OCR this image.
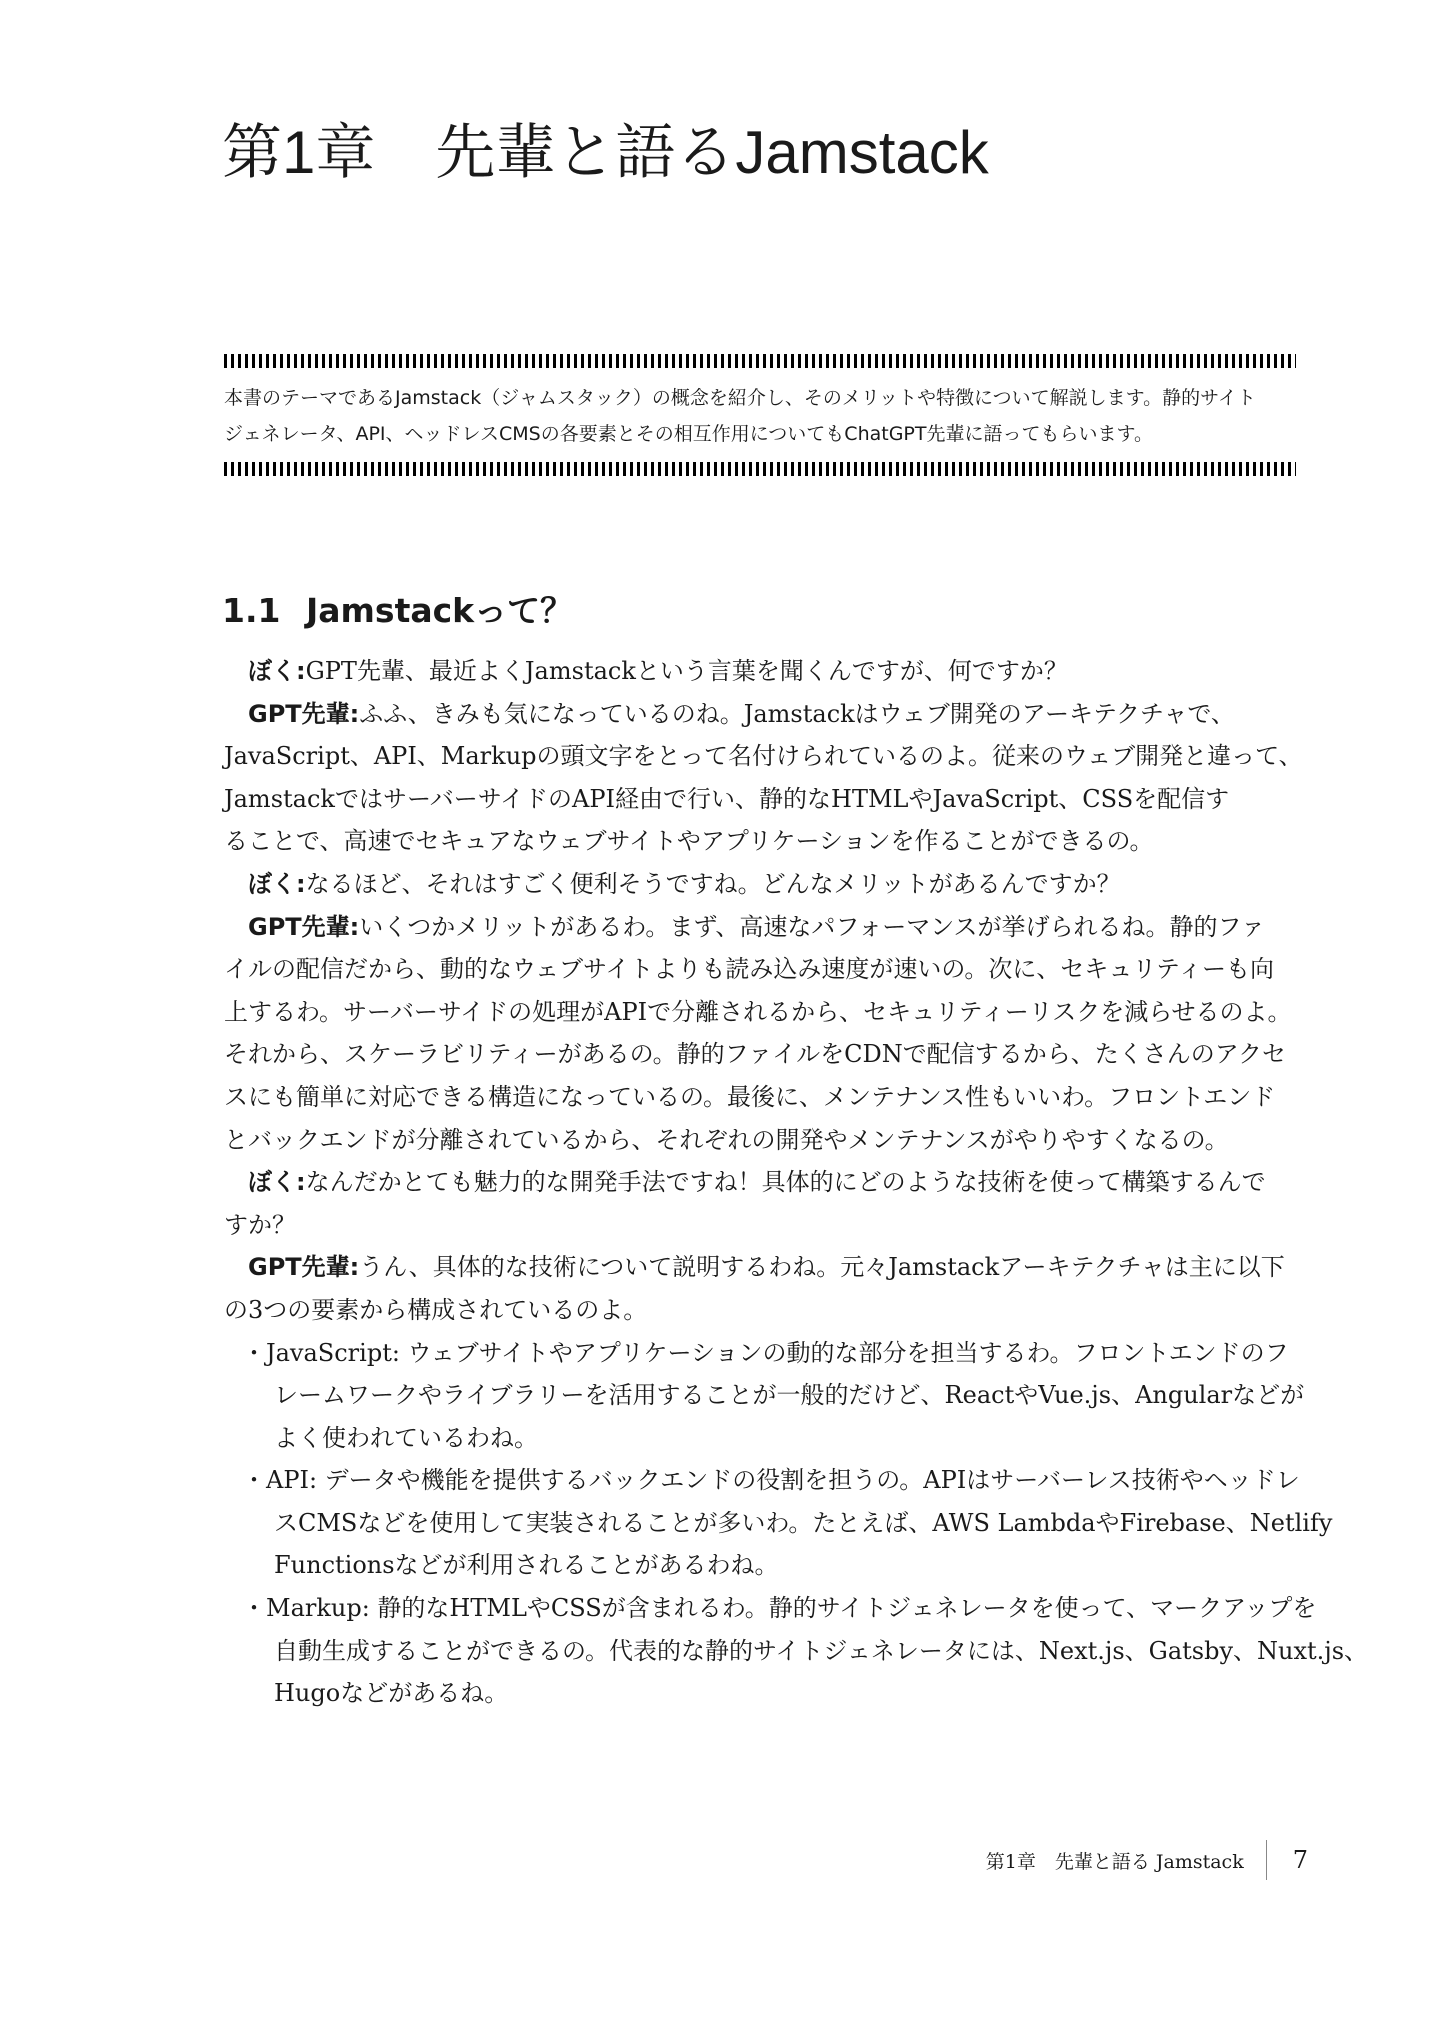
第1章　先輩と語るJamstack

本書のテーマであるJamstack（ジャムスタック）の概念を紹介し、そのメリットや特徴について解説します。静的サイト
ジェネレータ、API、ヘッドレスCMSの各要素とその相互作用についてもChatGPT先輩に語ってもらいます。

1.1 Jamstackって？
ぼく:GPT先輩、最近よくJamstackという言葉を聞くんですが、何ですか？
GPT先輩:ふふ、きみも気になっているのね。Jamstackはウェブ開発のアーキテクチャで、
JavaScript、API、Markupの頭文字をとって名付けられているのよ。従来のウェブ開発と違って、
JamstackではサーバーサイドのAPI経由で行い、静的なHTMLやJavaScript、CSSを配信す
ることで、高速でセキュアなウェブサイトやアプリケーションを作ることができるの。
ぼく:なるほど、それはすごく便利そうですね。どんなメリットがあるんですか？
GPT先輩:いくつかメリットがあるわ。まず、高速なパフォーマンスが挙げられるね。静的ファ
イルの配信だから、動的なウェブサイトよりも読み込み速度が速いの。次に、セキュリティーも向
上するわ。サーバーサイドの処理がAPIで分離されるから、セキュリティーリスクを減らせるのよ。
それから、スケーラビリティーがあるの。静的ファイルをCDNで配信するから、たくさんのアクセ
スにも簡単に対応できる構造になっているの。最後に、メンテナンス性もいいわ。フロントエンド
とバックエンドが分離されているから、それぞれの開発やメンテナンスがやりやすくなるの。
ぼく:なんだかとても魅力的な開発手法ですね！具体的にどのような技術を使って構築するんで
すか？
GPT先輩:うん、具体的な技術について説明するわね。元々Jamstackアーキテクチャは主に以下
の3つの要素から構成されているのよ。
・JavaScript: ウェブサイトやアプリケーションの動的な部分を担当するわ。フロントエンドのフ
レームワークやライブラリーを活用することが一般的だけど、ReactやVue.js、Angularなどが
よく使われているわね。
・API: データや機能を提供するバックエンドの役割を担うの。APIはサーバーレス技術やヘッドレ
スCMSなどを使用して実装されることが多いわ。たとえば、AWS LambdaやFirebase、Netlify
Functionsなどが利用されることがあるわね。
・Markup: 静的なHTMLやCSSが含まれるわ。静的サイトジェネレータを使って、マークアップを
自動生成することができるの。代表的な静的サイトジェネレータには、Next.js、Gatsby、Nuxt.js、
Hugoなどがあるね。
第1章　先輩と語る Jamstack 7
